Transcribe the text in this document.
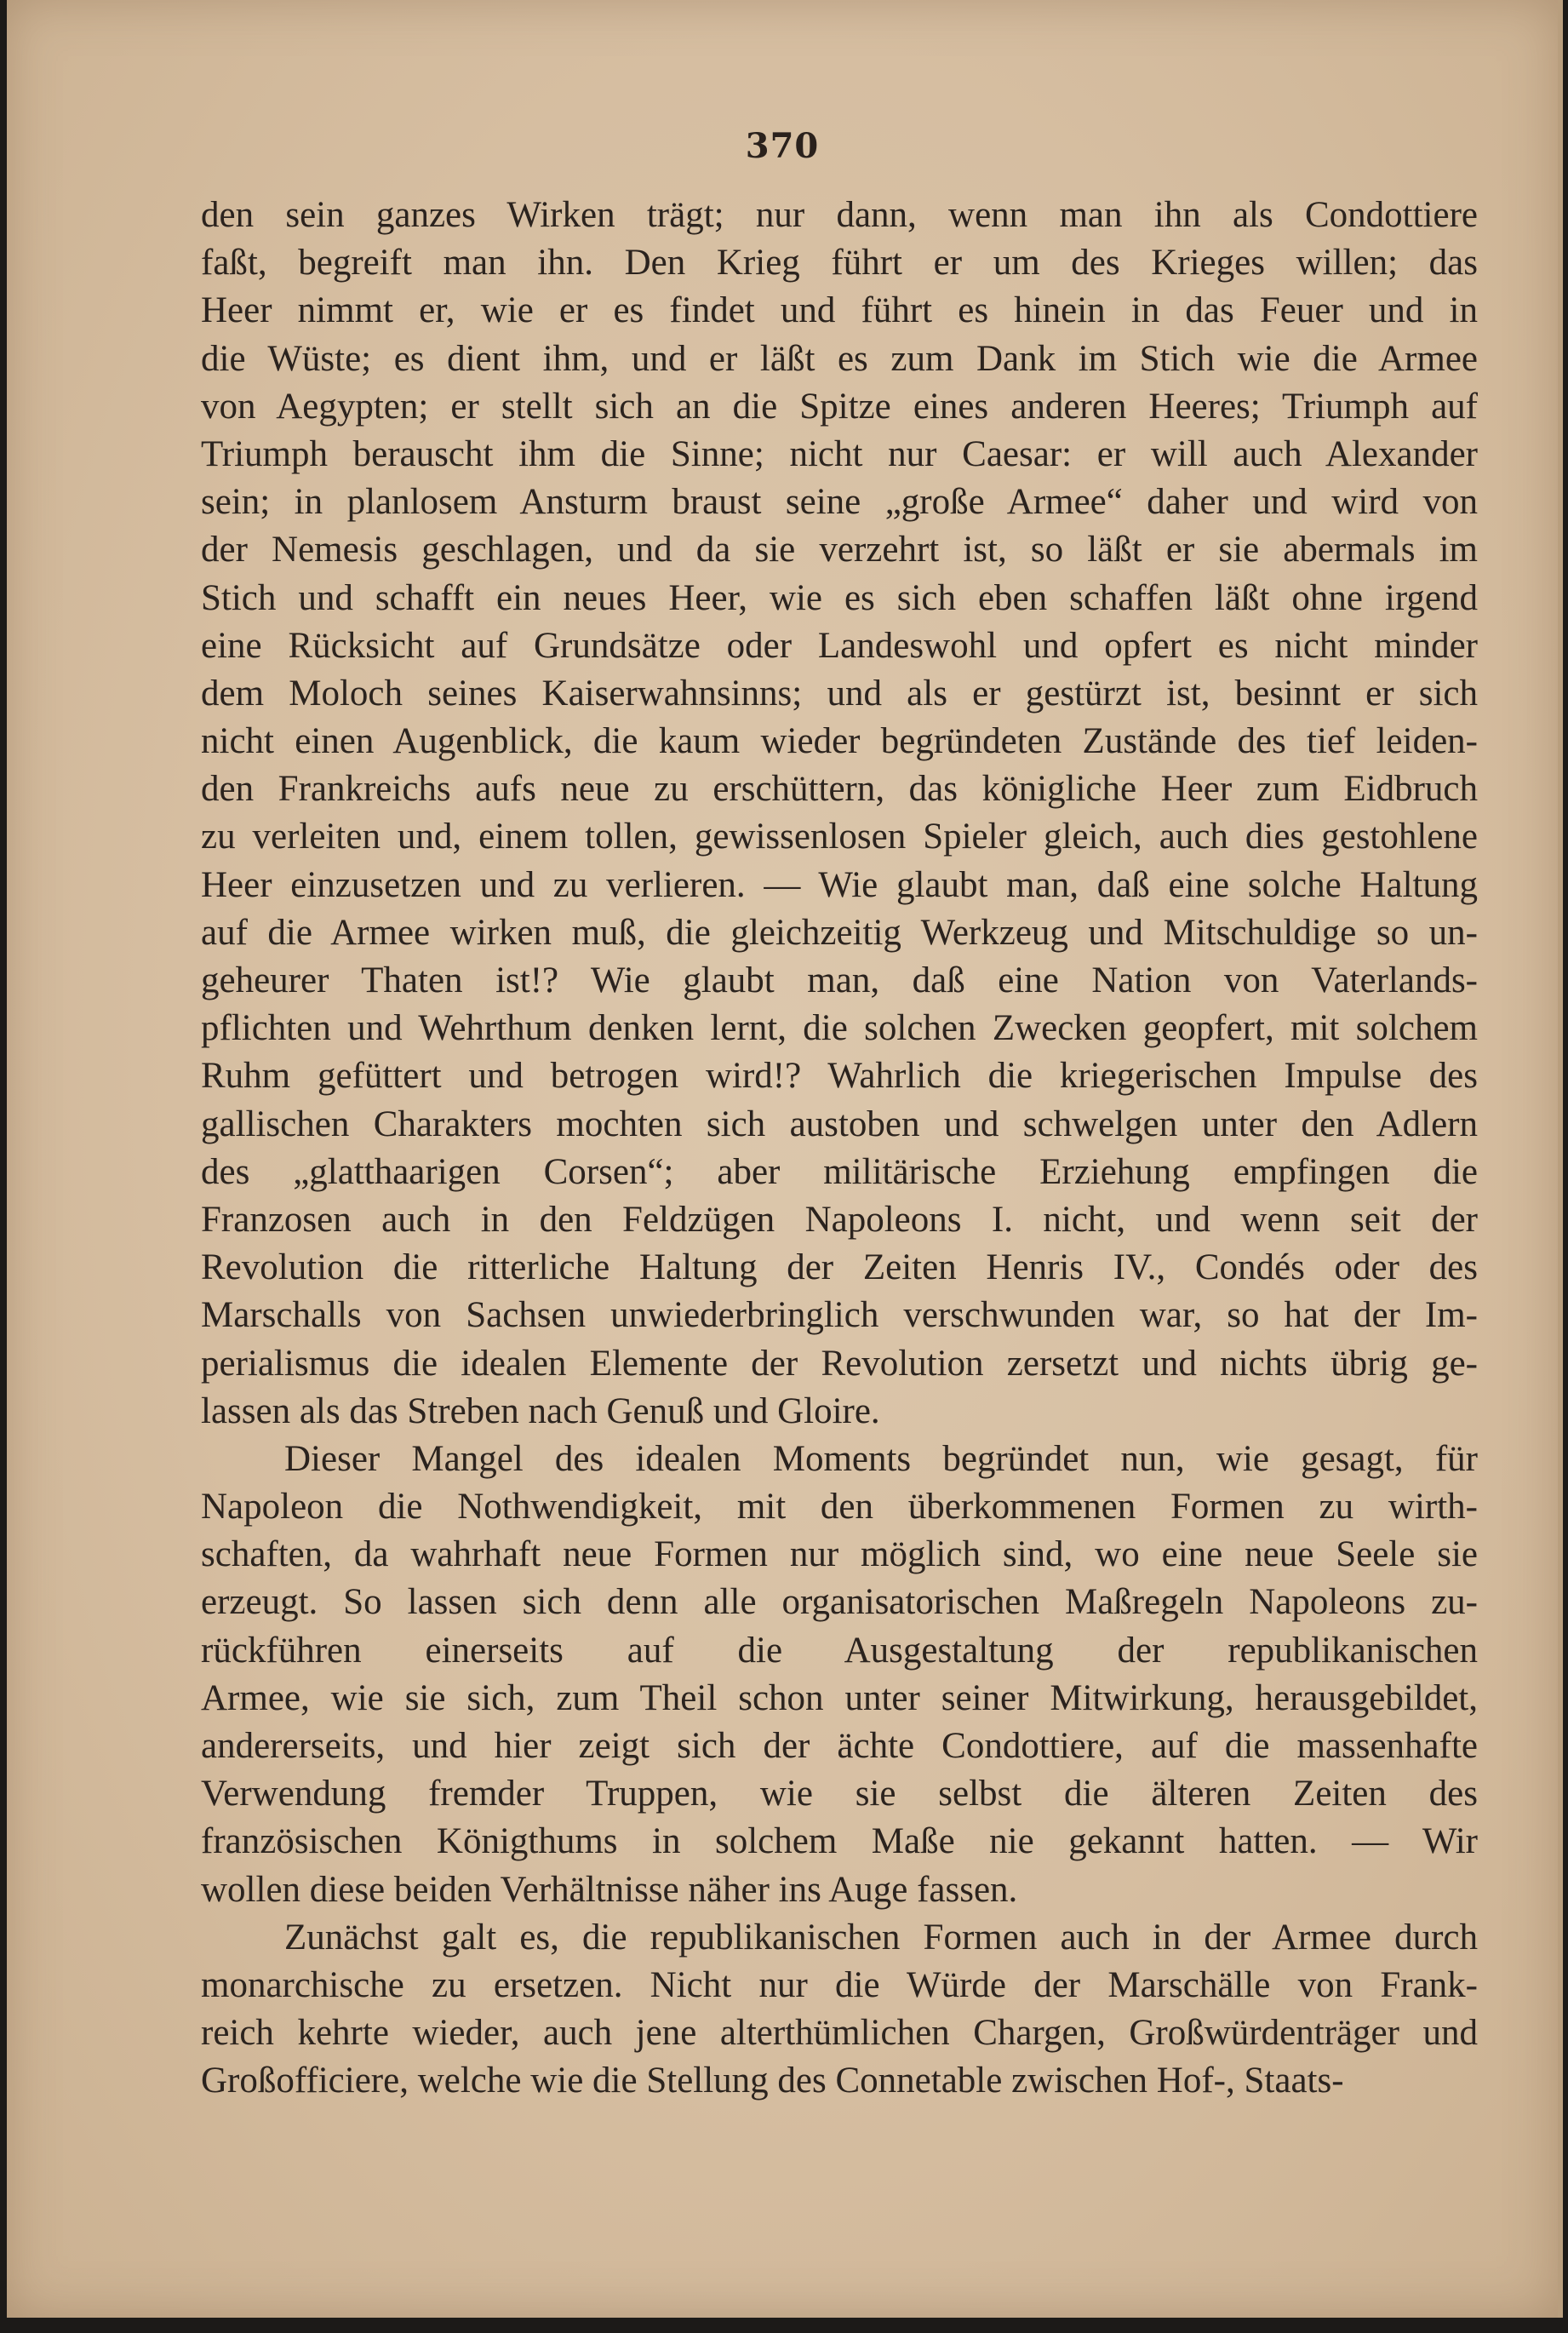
370
den sein ganzes Wirken trägt; nur dann, wenn man ihn als Condottiere
faßt, begreift man ihn. Den Krieg führt er um des Krieges willen; das
Heer nimmt er, wie er es findet und führt es hinein in das Feuer und in
die Wüste; es dient ihm, und er läßt es zum Dank im Stich wie die Armee
von Aegypten; er stellt sich an die Spitze eines anderen Heeres; Triumph auf
Triumph berauscht ihm die Sinne; nicht nur Caesar: er will auch Alexander
sein; in planlosem Ansturm braust seine „große Armee“ daher und wird von
der Nemesis geschlagen, und da sie verzehrt ist, so läßt er sie abermals im
Stich und schafft ein neues Heer, wie es sich eben schaffen läßt ohne irgend
eine Rücksicht auf Grundsätze oder Landeswohl und opfert es nicht minder
dem Moloch seines Kaiserwahnsinns; und als er gestürzt ist, besinnt er sich
nicht einen Augenblick, die kaum wieder begründeten Zustände des tief leiden-
den Frankreichs aufs neue zu erschüttern, das königliche Heer zum Eidbruch
zu verleiten und, einem tollen, gewissenlosen Spieler gleich, auch dies gestohlene
Heer einzusetzen und zu verlieren. — Wie glaubt man, daß eine solche Haltung
auf die Armee wirken muß, die gleichzeitig Werkzeug und Mitschuldige so un-
geheurer Thaten ist!? Wie glaubt man, daß eine Nation von Vaterlands-
pflichten und Wehrthum denken lernt, die solchen Zwecken geopfert, mit solchem
Ruhm gefüttert und betrogen wird!? Wahrlich die kriegerischen Impulse des
gallischen Charakters mochten sich austoben und schwelgen unter den Adlern
des „glatthaarigen Corsen“; aber militärische Erziehung empfingen die
Franzosen auch in den Feldzügen Napoleons I. nicht, und wenn seit der
Revolution die ritterliche Haltung der Zeiten Henris IV., Condés oder des
Marschalls von Sachsen unwiederbringlich verschwunden war, so hat der Im-
perialismus die idealen Elemente der Revolution zersetzt und nichts übrig ge-
lassen als das Streben nach Genuß und Gloire.
Dieser Mangel des idealen Moments begründet nun, wie gesagt, für
Napoleon die Nothwendigkeit, mit den überkommenen Formen zu wirth-
schaften, da wahrhaft neue Formen nur möglich sind, wo eine neue Seele sie
erzeugt. So lassen sich denn alle organisatorischen Maßregeln Napoleons zu-
rückführen einerseits auf die Ausgestaltung der republikanischen
Armee, wie sie sich, zum Theil schon unter seiner Mitwirkung, herausgebildet,
andererseits, und hier zeigt sich der ächte Condottiere, auf die massenhafte
Verwendung fremder Truppen, wie sie selbst die älteren Zeiten des
französischen Königthums in solchem Maße nie gekannt hatten. — Wir
wollen diese beiden Verhältnisse näher ins Auge fassen.
Zunächst galt es, die republikanischen Formen auch in der Armee durch
monarchische zu ersetzen. Nicht nur die Würde der Marschälle von Frank-
reich kehrte wieder, auch jene alterthümlichen Chargen, Großwürdenträger und
Großofficiere, welche wie die Stellung des Connetable zwischen Hof-, Staats-
